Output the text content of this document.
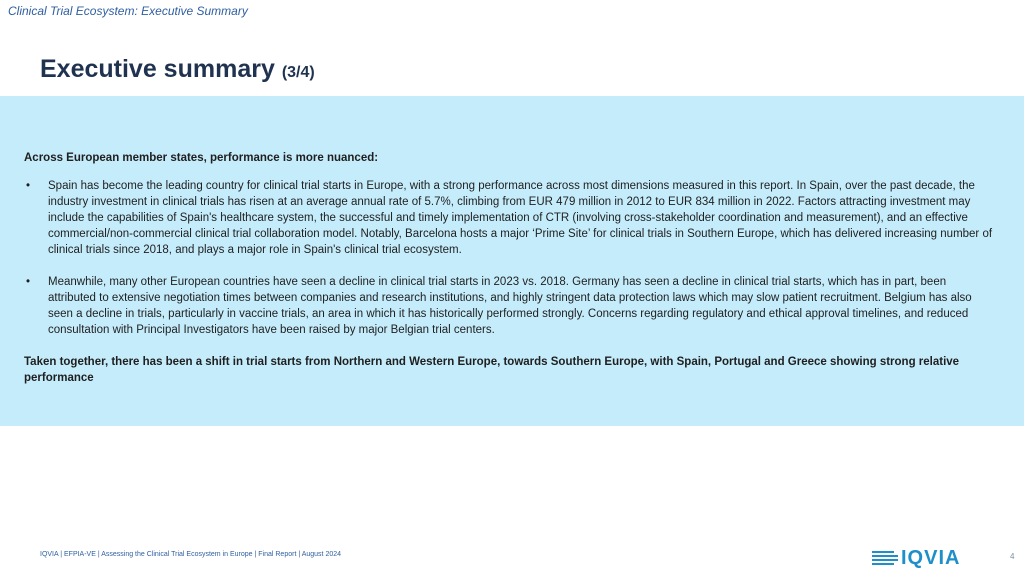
Clinical Trial Ecosystem: Executive Summary
Executive summary (3/4)

Across European member states, performance is more nuanced:

• Spain has become the leading country for clinical trial starts in Europe, with a strong performance across most dimensions measured in this report. In Spain, over the past decade, the industry investment in clinical trials has risen at an average annual rate of 5.7%, climbing from EUR 479 million in 2012 to EUR 834 million in 2022. Factors attracting investment may include the capabilities of Spain's healthcare system, the successful and timely implementation of CTR (involving cross-stakeholder coordination and measurement), and an effective commercial/non-commercial clinical trial collaboration model. Notably, Barcelona hosts a major ‘Prime Site’ for clinical trials in Southern Europe, which has delivered increasing number of clinical trials since 2018, and plays a major role in Spain's clinical trial ecosystem.
• Meanwhile, many other European countries have seen a decline in clinical trial starts in 2023 vs. 2018. Germany has seen a decline in clinical trial starts, which has in part, been attributed to extensive negotiation times between companies and research institutions, and highly stringent data protection laws which may slow patient recruitment. Belgium has also seen a decline in trials, particularly in vaccine trials, an area in which it has historically performed strongly. Concerns regarding regulatory and ethical approval timelines, and reduced consultation with Principal Investigators have been raised by major Belgian trial centers.

Taken together, there has been a shift in trial starts from Northern and Western Europe, towards Southern Europe, with Spain, Portugal and Greece showing strong relative performance

IQVIA | EFPIA-VE | Assessing the Clinical Trial Ecosystem in Europe | Final Report | August 2024	IQVIA	4
